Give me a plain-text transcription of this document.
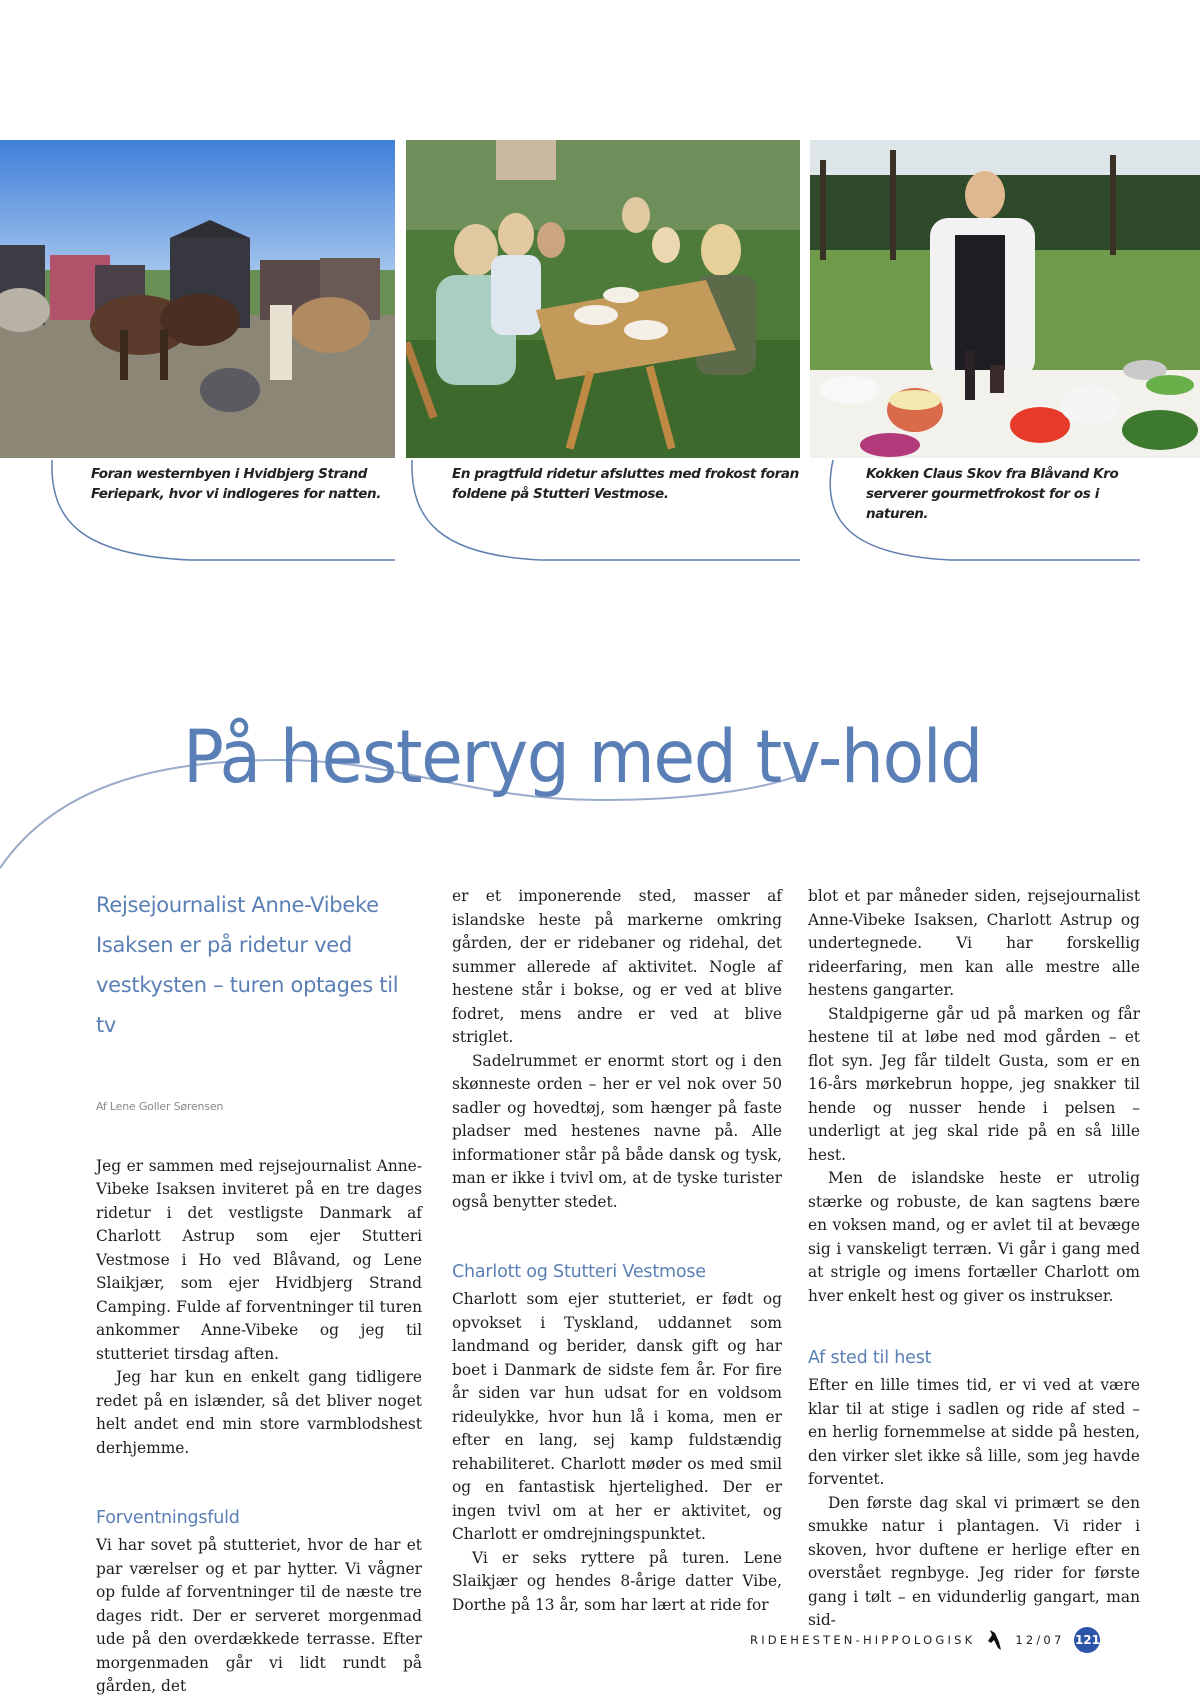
Foran westernbyen i Hvidbjerg Strand Feriepark, hvor vi indlogeres for natten.
En pragtfuld ridetur afsluttes med frokost foran foldene på Stutteri Vestmose.
Kokken Claus Skov fra Blåvand Kro serverer gourmetfrokost for os i naturen.
På hesteryg med tv-hold

Rejsejournalist Anne-Vibeke Isaksen er på ridetur ved vestkysten – turen optages til tv

Af Lene Goller Sørensen

Jeg er sammen med rejsejournalist Anne-Vibeke Isaksen inviteret på en tre dages ridetur i det vestligste Danmark af Charlott Astrup som ejer Stutteri Vestmose i Ho ved Blåvand, og Lene Slaikjær, som ejer Hvidbjerg Strand Camping. Fulde af forventninger til turen ankommer Anne-Vibeke og jeg til stutteriet tirsdag aften.

Jeg har kun en enkelt gang tidligere redet på en islænder, så det bliver noget helt andet end min store varmblodshest derhjemme.

Forventningsfuld

Vi har sovet på stutteriet, hvor de har et par værelser og et par hytter. Vi vågner op fulde af forventninger til de næste tre dages ridt. Der er serveret morgenmad ude på den overdækkede terrasse. Efter morgenmaden går vi lidt rundt på gården, det

er et imponerende sted, masser af islandske heste på markerne omkring gården, der er ridebaner og ridehal, det summer allerede af aktivitet. Nogle af hestene står i bokse, og er ved at blive fodret, mens andre er ved at blive striglet.

Sadelrummet er enormt stort og i den skønneste orden – her er vel nok over 50 sadler og hovedtøj, som hænger på faste pladser med hestenes navne på. Alle informationer står på både dansk og tysk, man er ikke i tvivl om, at de tyske turister også benytter stedet.

Charlott og Stutteri Vestmose

Charlott som ejer stutteriet, er født og opvokset i Tyskland, uddannet som landmand og berider, dansk gift og har boet i Danmark de sidste fem år. For fire år siden var hun udsat for en voldsom rideulykke, hvor hun lå i koma, men er efter en lang, sej kamp fuldstændig rehabiliteret. Charlott møder os med smil og en fantastisk hjertelighed. Der er ingen tvivl om at her er aktivitet, og Charlott er omdrejningspunktet.

Vi er seks ryttere på turen. Lene Slaikjær og hendes 8-årige datter Vibe, Dorthe på 13 år, som har lært at ride for

blot et par måneder siden, rejsejournalist Anne-Vibeke Isaksen, Charlott Astrup og undertegnede. Vi har forskellig rideerfaring, men kan alle mestre alle hestens gangarter.

Staldpigerne går ud på marken og får hestene til at løbe ned mod gården – et flot syn. Jeg får tildelt Gusta, som er en 16-års mørkebrun hoppe, jeg snakker til hende og nusser hende i pelsen – underligt at jeg skal ride på en så lille hest.

Men de islandske heste er utrolig stærke og robuste, de kan sagtens bære en voksen mand, og er avlet til at bevæge sig i vanskeligt terræn. Vi går i gang med at strigle og imens fortæller Charlott om hver enkelt hest og giver os instrukser.

Af sted til hest

Efter en lille times tid, er vi ved at være klar til at stige i sadlen og ride af sted – en herlig fornemmelse at sidde på hesten, den virker slet ikke så lille, som jeg havde forventet.

Den første dag skal vi primært se den smukke natur i plantagen. Vi rider i skoven, hvor duftene er herlige efter en overstået regnbyge. Jeg rider for første gang i tølt – en vidunderlig gangart, man sid-

RIDEHESTEN-HIPPOLOGISK	12/07 121
